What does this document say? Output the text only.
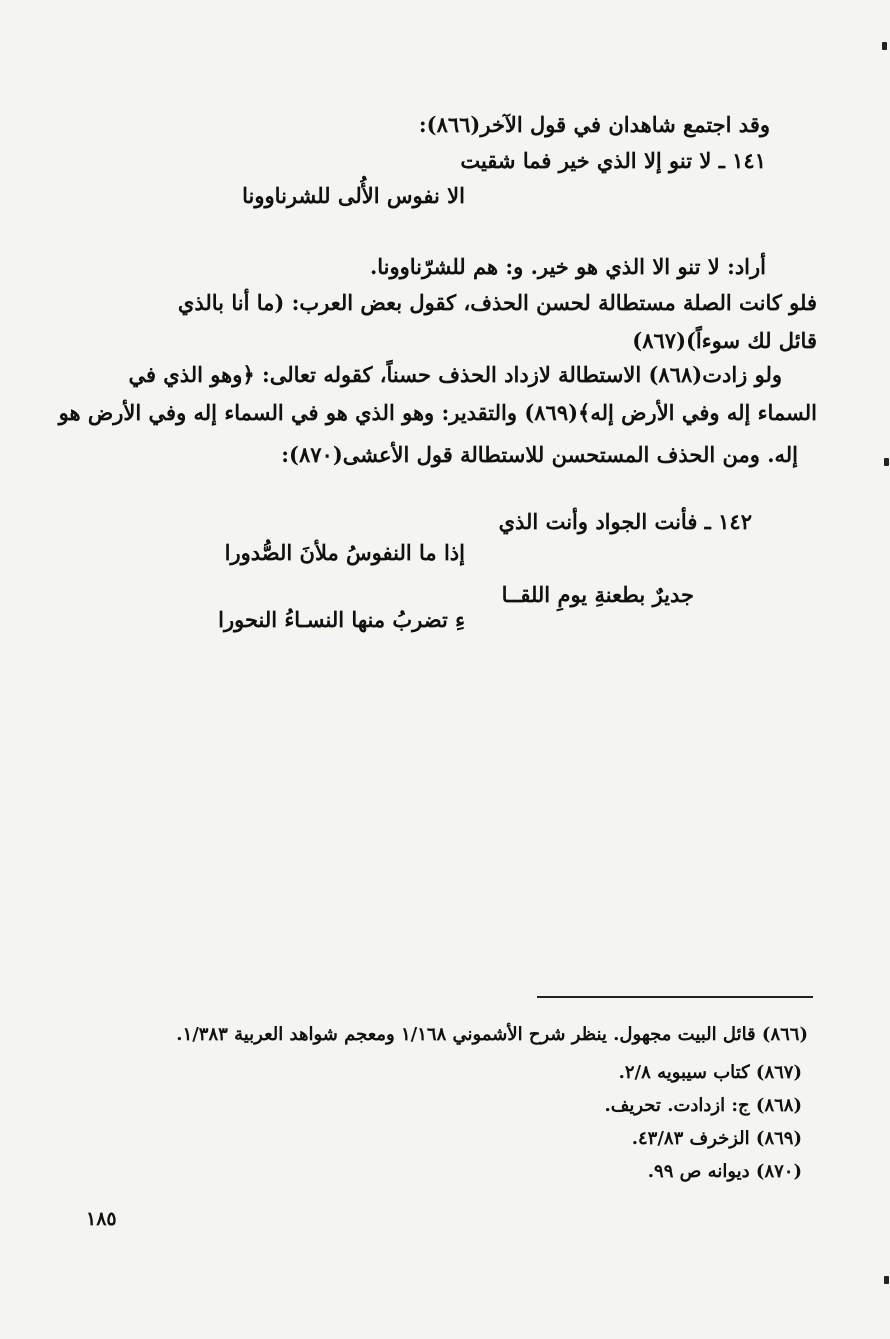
وقد اجتمع شاهدان في قول الآخر(٨٦٦):
١٤١ ـ لا تنو إلا الذي خير فما شقيت
الا نفوس الأُلى للشرناوونا
أراد: لا تنو الا الذي هو خير. و: هم للشرّناوونا.
فلو كانت الصلة مستطالة لحسن الحذف، كقول بعض العرب: (ما أنا بالذي
قائل لك سوءاً)(٨٦٧)
ولو زادت(٨٦٨) الاستطالة لازداد الحذف حسناً، كقوله تعالى: ﴿وهو الذي في
السماء إله وفي الأرض إله﴾(٨٦٩) والتقدير: وهو الذي هو في السماء إله وفي الأرض هو
إله. ومن الحذف المستحسن للاستطالة قول الأعشى(٨٧٠):
١٤٢ ـ فأنت الجواد وأنت الذي
إذا ما النفوسُ ملأنَ الصُّدورا
جديرٌ بطعنةِ يومِ اللقــا
ءِ تضربُ منها النسـاءُ النحورا
(٨٦٦) قائل البيت مجهول. ينظر شرح الأشموني ١/١٦٨ ومعجم شواهد العربية ١/٣٨٣.
(٨٦٧) كتاب سيبويه ٢/٨.
(٨٦٨) ج: ازدادت. تحريف.
(٨٦٩) الزخرف ٤٣/٨٣.
(٨٧٠) ديوانه ص ٩٩.
١٨٥
